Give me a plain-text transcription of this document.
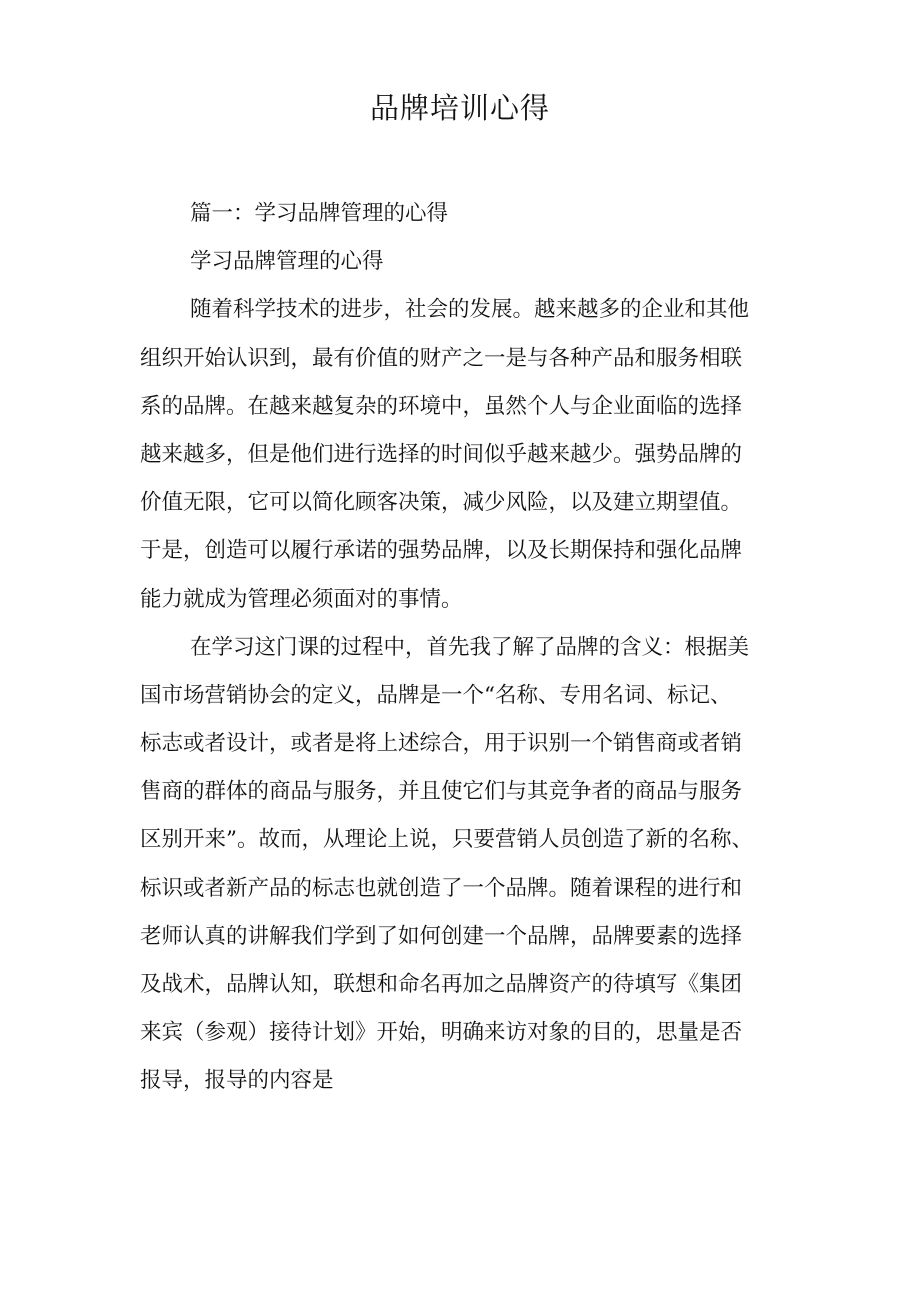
品牌培训心得

篇一：学习品牌管理的心得

学习品牌管理的心得

随着科学技术的进步，社会的发展。越来越多的企业和其他
组织开始认识到，最有价值的财产之一是与各种产品和服务相联
系的品牌。在越来越复杂的环境中，虽然个人与企业面临的选择
越来越多，但是他们进行选择的时间似乎越来越少。强势品牌的
价值无限，它可以简化顾客决策，减少风险，以及建立期望值。
于是，创造可以履行承诺的强势品牌，以及长期保持和强化品牌
能力就成为管理必须面对的事情。

在学习这门课的过程中，首先我了解了品牌的含义：根据美
国市场营销协会的定义，品牌是一个“名称、专用名词、标记、
标志或者设计，或者是将上述综合，用于识别一个销售商或者销
售商的群体的商品与服务，并且使它们与其竞争者的商品与服务
区别开来”。故而，从理论上说，只要营销人员创造了新的名称、
标识或者新产品的标志也就创造了一个品牌。随着课程的进行和
老师认真的讲解我们学到了如何创建一个品牌，品牌要素的选择
及战术，品牌认知，联想和命名再加之品牌资产的待填写《集团
来宾（参观）接待计划》开始，明确来访对象的目的，思量是否
报导，报导的内容是
